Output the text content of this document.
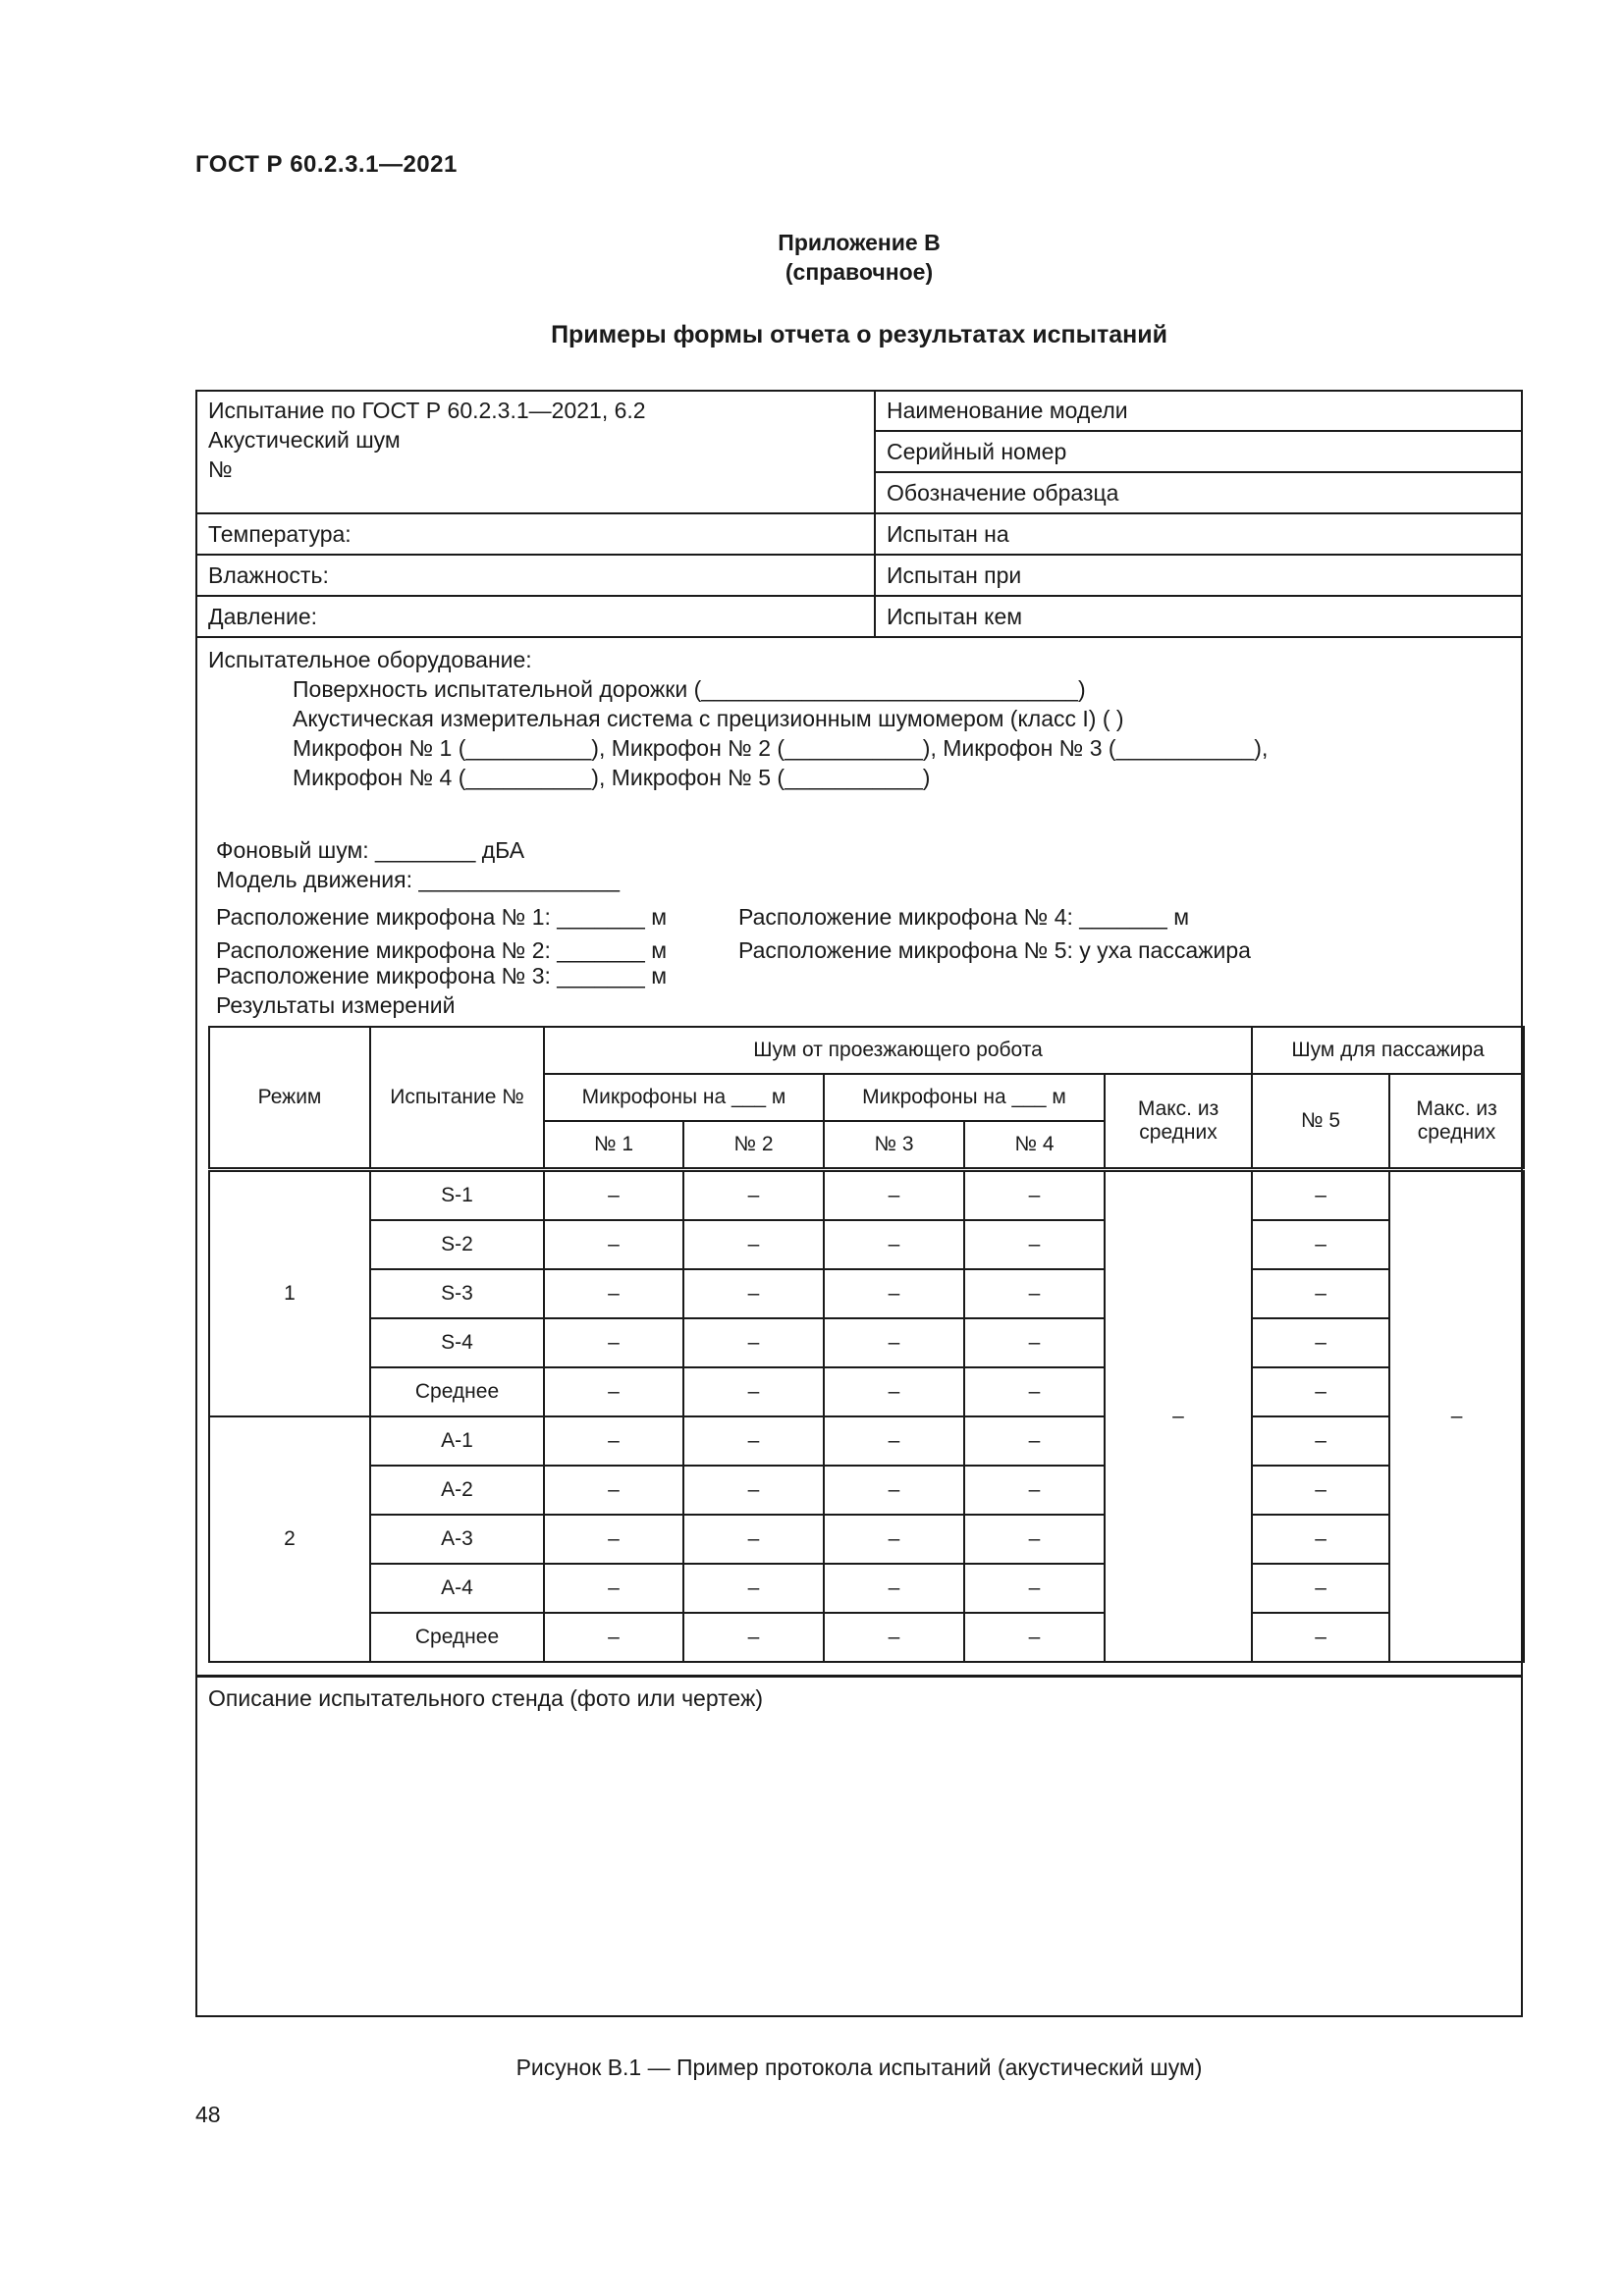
ГОСТ Р 60.2.3.1—2021
Приложение В
(справочное)
Примеры формы отчета о результатах испытаний
Испытание по ГОСТ Р 60.2.3.1—2021, 6.2
Акустический шум
№
Наименование модели
Серийный номер
Обозначение образца
Температура:	Испытан на
Влажность:	Испытан при
Давление:	Испытан кем
Испытательное оборудование:
Поверхность испытательной дорожки (______________________________)
Акустическая измерительная система с прецизионным шумомером (класс I) ( )
Микрофон № 1 (__________), Микрофон № 2 (___________), Микрофон № 3 (___________),
Микрофон № 4 (__________), Микрофон № 5 (___________)
Фоновый шум: ________ дБА
Модель движения: ________________
Расположение микрофона № 1: _______ м	Расположение микрофона № 4: _______ м
Расположение микрофона № 2: _______ м	Расположение микрофона № 5: у уха пассажира
Расположение микрофона № 3: _______ м
Результаты измерений
Режим	Испытание №	Шум от проезжающего робота					Шум для пассажира	
		Микрофоны на ___ м		Микрофоны на ___ м		Макс. из средних	№ 5	Макс. из средних
		№ 1	№ 2	№ 3	№ 4			
1	S-1	–	–	–	–	–	–	–
	S-2	–	–	–	–		–	
	S-3	–	–	–	–		–	
	S-4	–	–	–	–		–	
	Среднее	–	–	–	–		–	
2	A-1	–	–	–	–		–	
	A-2	–	–	–	–		–	
	A-3	–	–	–	–		–	
	A-4	–	–	–	–		–	
	Среднее	–	–	–	–		–	
Описание испытательного стенда (фото или чертеж)
Рисунок В.1 — Пример протокола испытаний (акустический шум)
48
